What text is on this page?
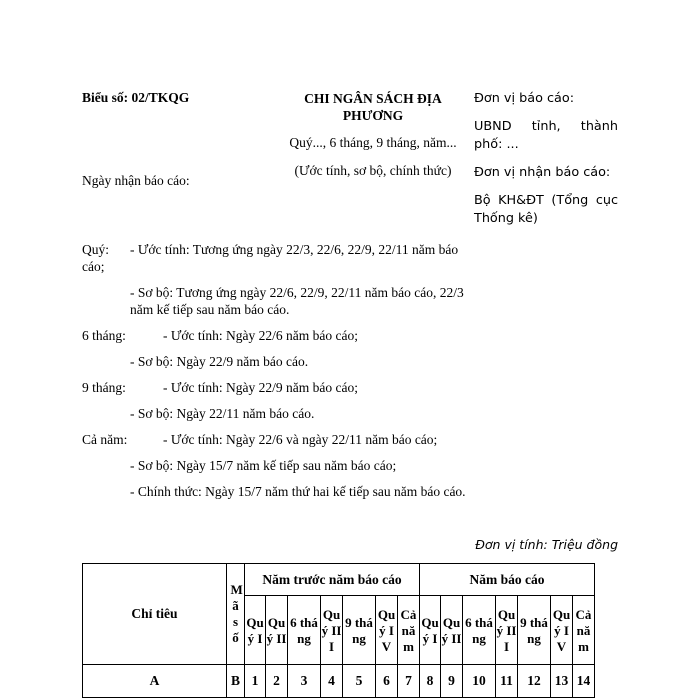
Biểu số: 02/TKQG
Ngày nhận báo cáo:
CHI NGÂN SÁCH ĐỊA
PHƯƠNG
Quý..., 6 tháng, 9 tháng, năm...
(Ước tính, sơ bộ, chính thức)

Đơn vị báo cáo:

UBND tỉnh, thành phố: ...

Đơn vị nhận báo cáo:

Bộ KH&ĐT (Tổng cục Thống kê)

Quý: - Ước tính: Tương ứng ngày 22/3, 22/6, 22/9, 22/11 năm báo cáo;

- Sơ bộ: Tương ứng ngày 22/6, 22/9, 22/11 năm báo cáo, 22/3 năm kế tiếp sau năm báo cáo.

6 tháng:	- Ước tính: Ngày 22/6 năm báo cáo;

- Sơ bộ: Ngày 22/9 năm báo cáo.

9 tháng:	- Ước tính: Ngày 22/9 năm báo cáo;

- Sơ bộ: Ngày 22/11 năm báo cáo.

Cả năm:	- Ước tính: Ngày 22/6 và ngày 22/11 năm báo cáo;

- Sơ bộ: Ngày 15/7 năm kế tiếp sau năm báo cáo;

- Chính thức: Ngày 15/7 năm thứ hai kế tiếp sau năm báo cáo.

Đơn vị tính: Triệu đồng
Chỉ tiêu	Mã số	Năm trước năm báo cáo							Năm báo cáo						
		Quý I	Quý II	6 tháng	Quý III	9 tháng	Quý IV	Cả năm	Quý I	Quý II	6 tháng	Quý III	9 tháng	Quý IV	Cả năm
A	B	1	2	3	4	5	6	7	8	9	10	11	12	13	14
